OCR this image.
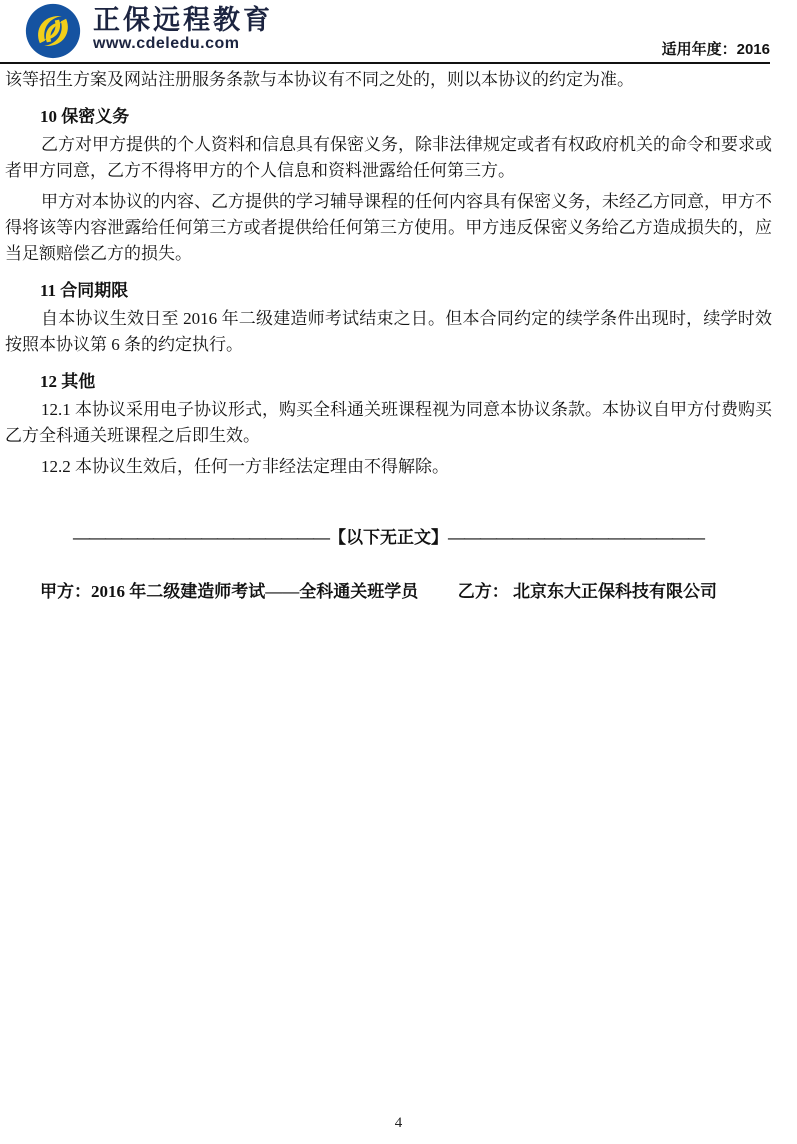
正保远程教育
www.cdeledu.com	适用年度：2016

该等招生方案及网站注册服务条款与本协议有不同之处的，则以本协议的约定为准。

10 保密义务

乙方对甲方提供的个人资料和信息具有保密义务，除非法律规定或者有权政府机关的命令和要求或者甲方同意，乙方不得将甲方的个人信息和资料泄露给任何第三方。

甲方对本协议的内容、乙方提供的学习辅导课程的任何内容具有保密义务，未经乙方同意，甲方不得将该等内容泄露给任何第三方或者提供给任何第三方使用。甲方违反保密义务给乙方造成损失的，应当足额赔偿乙方的损失。

11 合同期限

自本协议生效日至 2016 年二级建造师考试结束之日。但本合同约定的续学条件出现时，续学时效按照本协议第 6 条的约定执行。

12 其他

12.1 本协议采用电子协议形式，购买全科通关班课程视为同意本协议条款。本协议自甲方付费购买乙方全科通关班课程之后即生效。

12.2 本协议生效后，任何一方非经法定理由不得解除。

————————————————【以下无正文】————————————————
甲方：2016 年二级建造师考试——全科通关班学员 乙方： 北京东大正保科技有限公司
4
